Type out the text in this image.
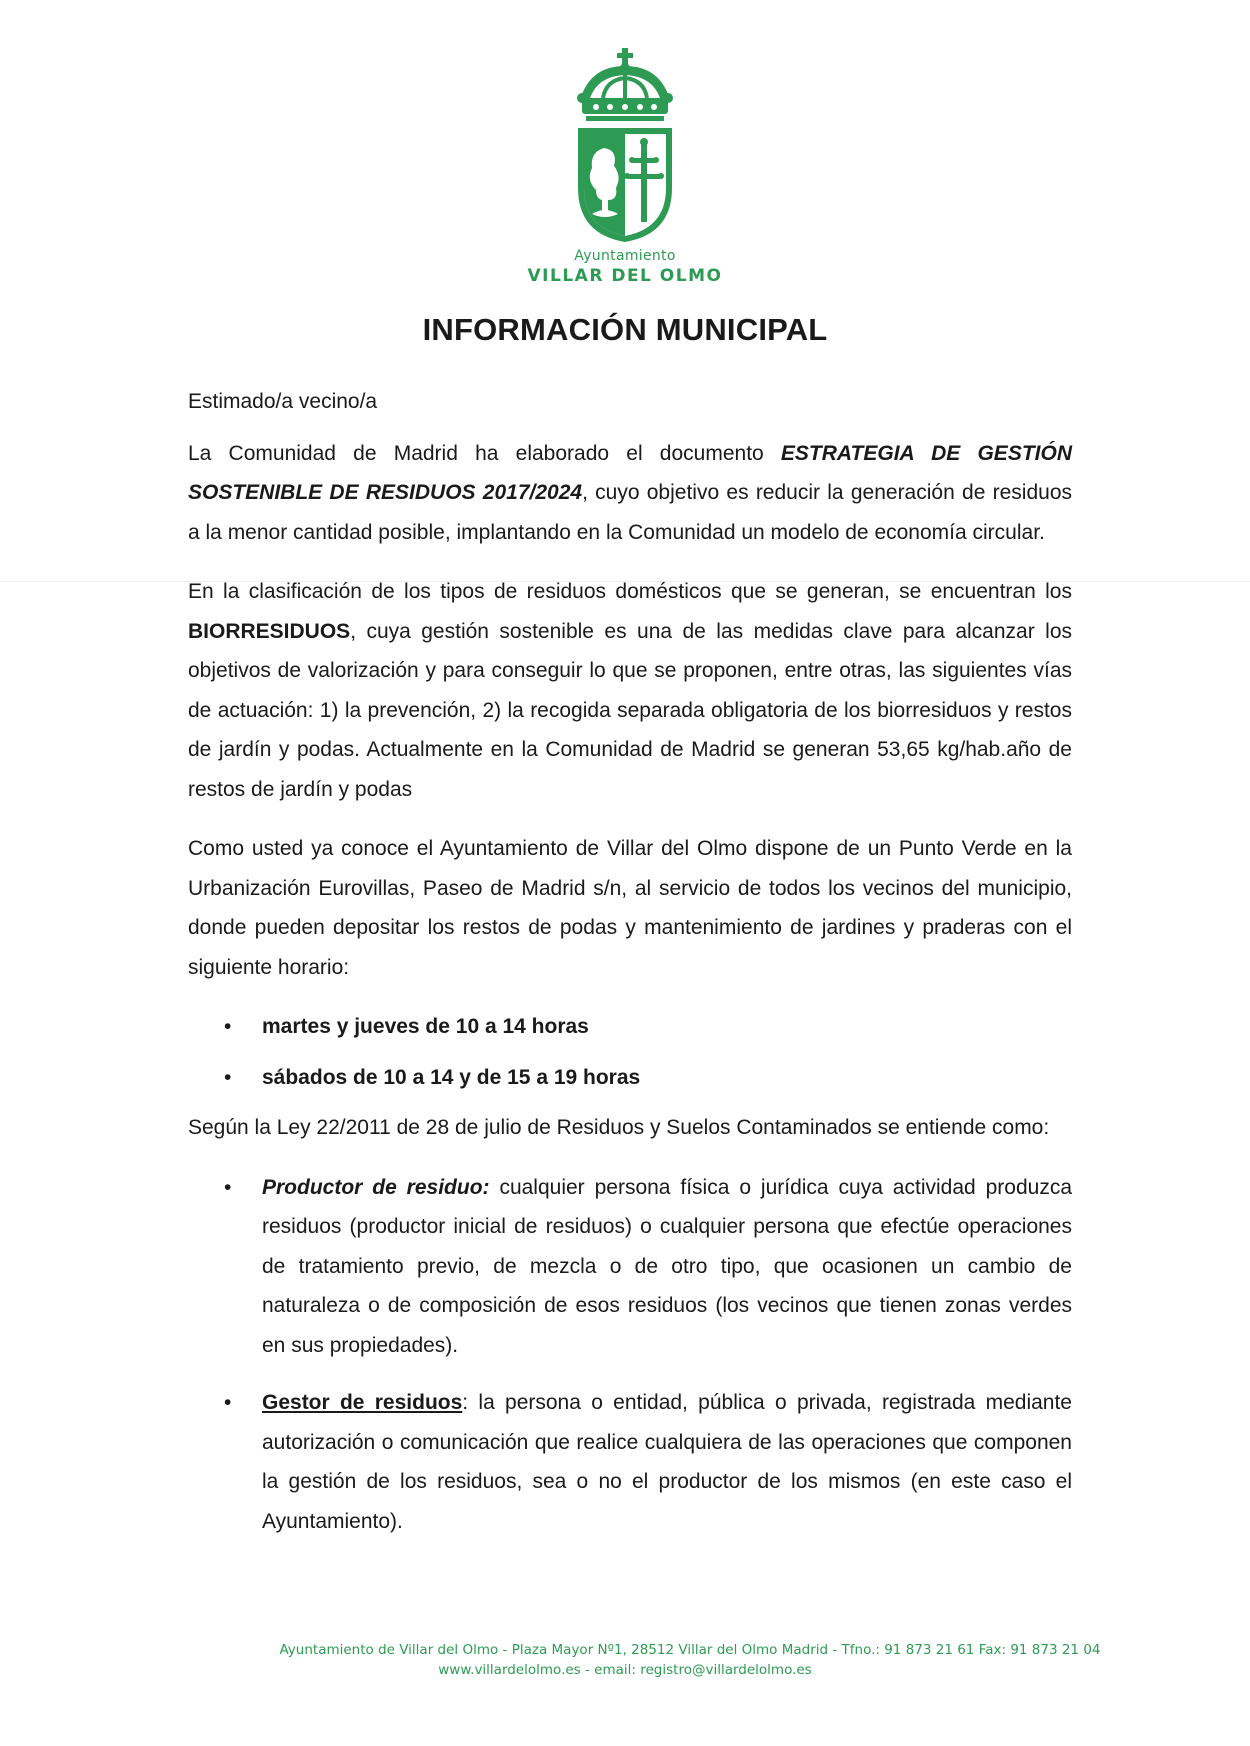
Ayuntamiento
VILLAR DEL OLMO
INFORMACIÓN MUNICIPAL

Estimado/a vecino/a

La Comunidad de Madrid ha elaborado el documento ESTRATEGIA DE GESTIÓN SOSTENIBLE DE RESIDUOS 2017/2024, cuyo objetivo es reducir la generación de residuos a la menor cantidad posible, implantando en la Comunidad un modelo de economía circular.

En la clasificación de los tipos de residuos domésticos que se generan, se encuentran los BIORRESIDUOS, cuya gestión sostenible es una de las medidas clave para alcanzar los objetivos de valorización y para conseguir lo que se proponen, entre otras, las siguientes vías de actuación: 1) la prevención, 2) la recogida separada obligatoria de los biorresiduos y restos de jardín y podas. Actualmente en la Comunidad de Madrid se generan 53,65 kg/hab.año de restos de jardín y podas

Como usted ya conoce el Ayuntamiento de Villar del Olmo dispone de un Punto Verde en la Urbanización Eurovillas, Paseo de Madrid s/n, al servicio de todos los vecinos del municipio, donde pueden depositar los restos de podas y mantenimiento de jardines y praderas con el siguiente horario:

• martes y jueves de 10 a 14 horas
• sábados de 10 a 14 y de 15 a 19 horas

Según la Ley 22/2011 de 28 de julio de Residuos y Suelos Contaminados se entiende como:

• Productor de residuo: cualquier persona física o jurídica cuya actividad produzca residuos (productor inicial de residuos) o cualquier persona que efectúe operaciones de tratamiento previo, de mezcla o de otro tipo, que ocasionen un cambio de naturaleza o de composición de esos residuos (los vecinos que tienen zonas verdes en sus propiedades).
• Gestor de residuos: la persona o entidad, pública o privada, registrada mediante autorización o comunicación que realice cualquiera de las operaciones que componen la gestión de los residuos, sea o no el productor de los mismos (en este caso el Ayuntamiento).
Ayuntamiento de Villar del Olmo - Plaza Mayor Nº1, 28512 Villar del Olmo Madrid - Tfno.: 91 873 21 61 Fax: 91 873 21 04
www.villardelolmo.es - email: registro@villardelolmo.es
